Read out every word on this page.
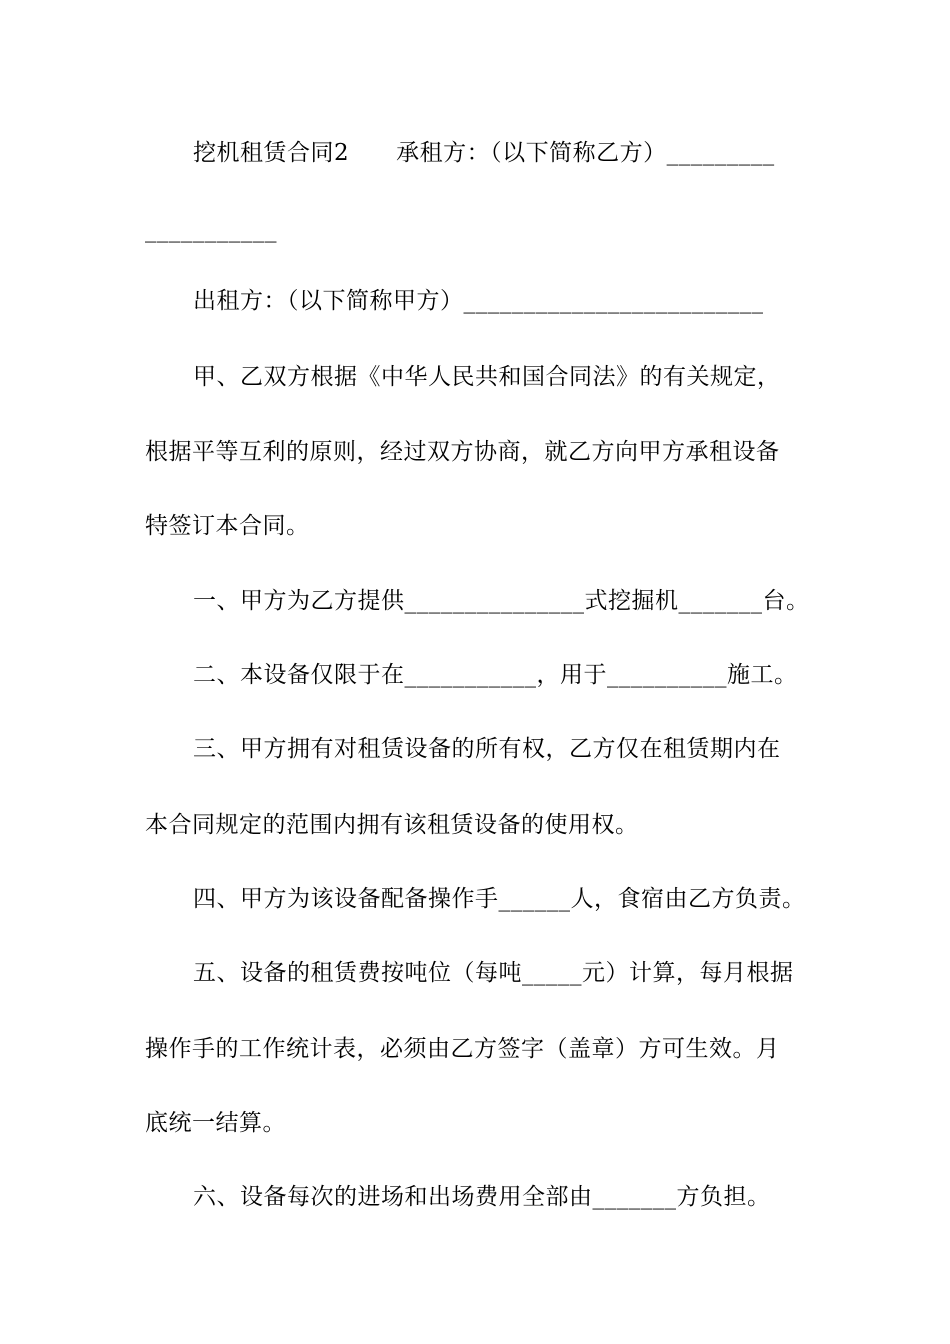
挖机租赁合同2　　承租方：（以下简称乙方）_________
___________
出租方：（以下简称甲方）_________________________
甲、乙双方根据《中华人民共和国合同法》的有关规定，
根据平等互利的原则，经过双方协商，就乙方向甲方承租设备
特签订本合同。
一、甲方为乙方提供_______________式挖掘机_______台。
二、本设备仅限于在___________，用于__________施工。
三、甲方拥有对租赁设备的所有权，乙方仅在租赁期内在
本合同规定的范围内拥有该租赁设备的使用权。
四、甲方为该设备配备操作手______人，食宿由乙方负责。
五、设备的租赁费按吨位（每吨_____元）计算，每月根据
操作手的工作统计表，必须由乙方签字（盖章）方可生效。月
底统一结算。
六、设备每次的进场和出场费用全部由_______方负担。
